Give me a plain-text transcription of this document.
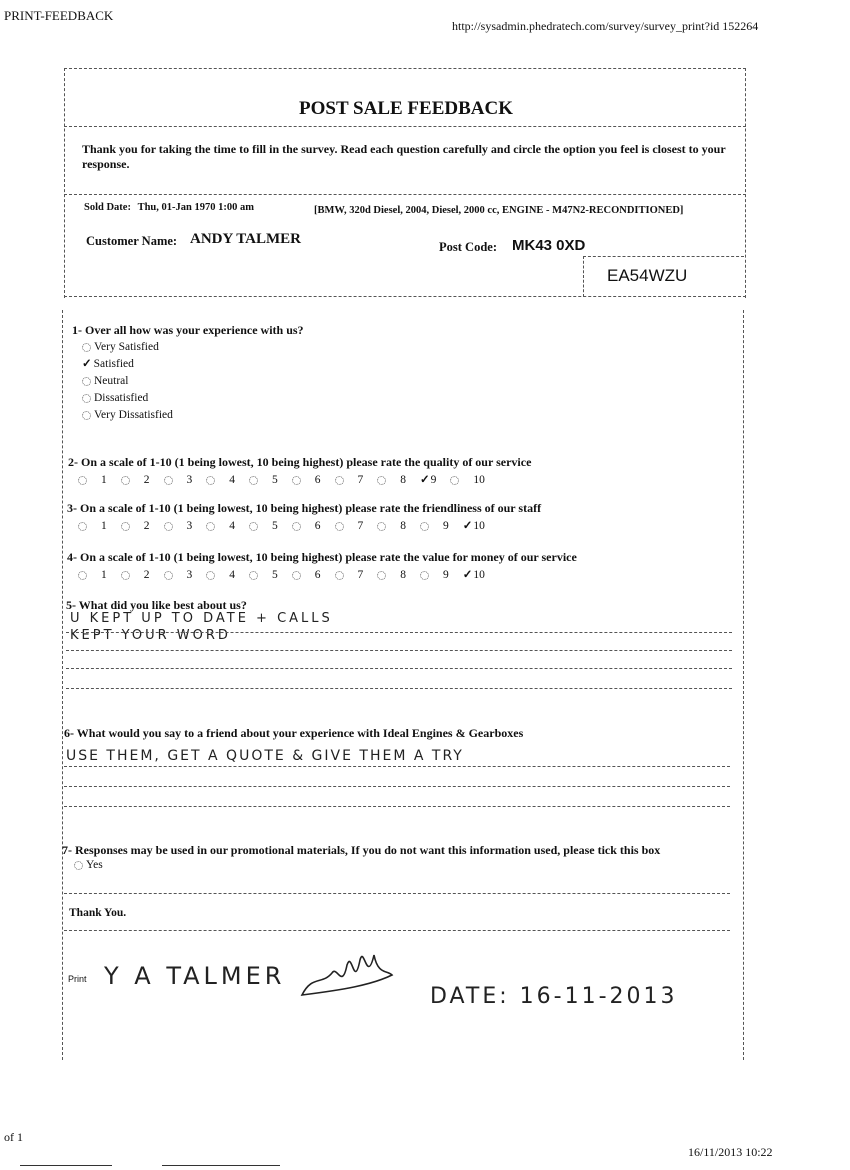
PRINT-FEEDBACK
http://sysadmin.phedratech.com/survey/survey_print?id 152264
POST SALE FEEDBACK
Thank you for taking the time to fill in the survey. Read each question carefully and circle the option you feel is closest to your response.
Sold Date: Thu, 01-Jan 1970 1:00 am	[BMW, 320d Diesel, 2004, Diesel, 2000 cc, ENGINE - M47N2-RECONDITIONED]
Customer Name: ANDY TALMER	Post Code: MK43 0XD
EA54WZU
1- Over all how was your experience with us?
Very Satisfied
✓ Satisfied
Neutral
Dissatisfied
Very Dissatisfied
2- On a scale of 1-10 (1 being lowest, 10 being highest) please rate the quality of our service
1	2	3	4	5	6	7	8 ✓9	10
3- On a scale of 1-10 (1 being lowest, 10 being highest) please rate the friendliness of our staff
1	2	3	4	5	6	7	8	9 ✓10
4- On a scale of 1-10 (1 being lowest, 10 being highest) please rate the value for money of our service
1	2	3	4	5	6	7	8	9 ✓10
5- What did you like best about us?
U KEPT UP TO DATE + CALLS
KEPT YOUR WORD
6- What would you say to a friend about your experience with Ideal Engines & Gearboxes
USE THEM, GET A QUOTE & GIVE THEM A TRY
7- Responses may be used in our promotional materials, If you do not want this information used, please tick this box
Yes
Thank You.
Print Y A TALMER
DATE: 16-11-2013
of 1
16/11/2013 10:22
